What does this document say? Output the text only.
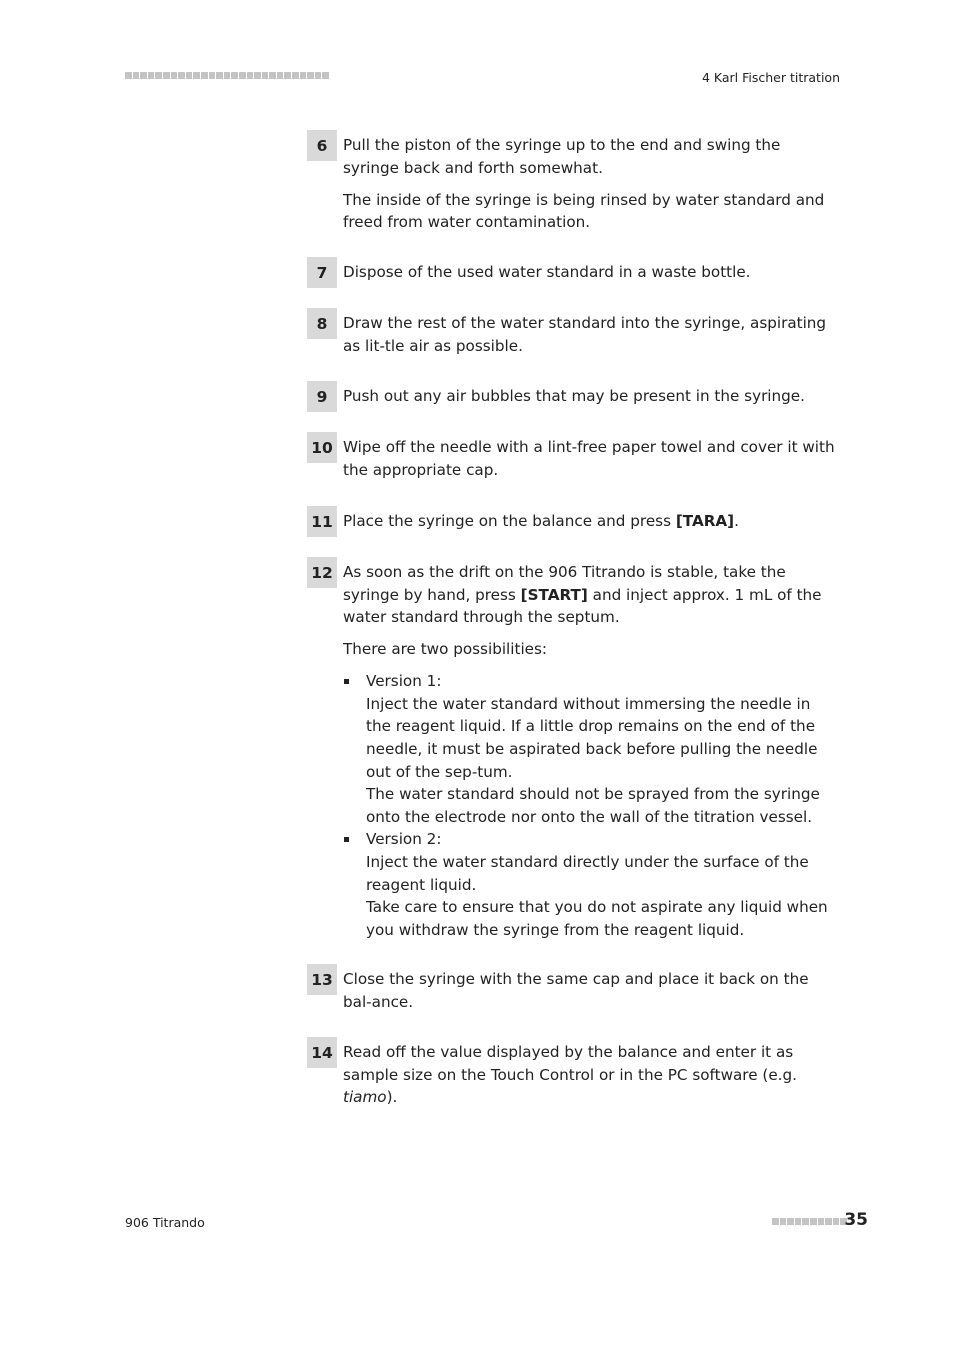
4 Karl Fischer titration
6	Pull the piston of the syringe up to the end and swing the syringe back and forth somewhat.

The inside of the syringe is being rinsed by water standard and freed from water contamination.

7	Dispose of the used water standard in a waste bottle.

8	Draw the rest of the water standard into the syringe, aspirating as lit-tle air as possible.

9	Push out any air bubbles that may be present in the syringe.

10 Wipe off the needle with a lint-free paper towel and cover it with the appropriate cap.

11 Place the syringe on the balance and press [TARA].

12 As soon as the drift on the 906 Titrando is stable, take the syringe by hand, press [START] and inject approx. 1 mL of the water standard through the septum.

There are two possibilities:

Version 1:
Inject the water standard without immersing the needle in the reagent liquid. If a little drop remains on the end of the needle, it must be aspirated back before pulling the needle out of the sep-tum.
The water standard should not be sprayed from the syringe onto the electrode nor onto the wall of the titration vessel.
Version 2:
Inject the water standard directly under the surface of the reagent liquid.
Take care to ensure that you do not aspirate any liquid when you withdraw the syringe from the reagent liquid.
13 Close the syringe with the same cap and place it back on the bal-ance.

14 Read off the value displayed by the balance and enter it as sample size on the Touch Control or in the PC software (e.g. tiamo).

906 Titrando	35
